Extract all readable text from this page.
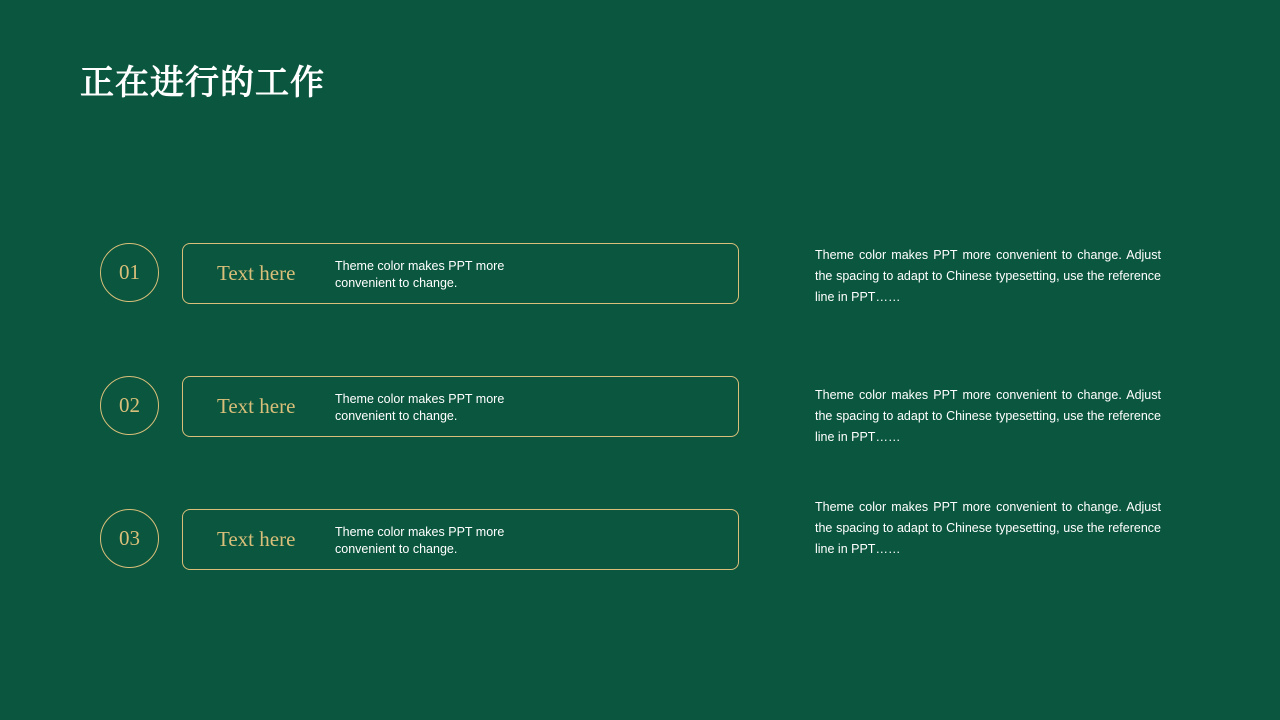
正在进行的工作
01	Text here	Theme color makes PPT more convenient to change.
Theme color makes PPT more convenient to change. Adjust the spacing to adapt to Chinese typesetting, use the reference line in PPT……
02	Text here	Theme color makes PPT more convenient to change.
Theme color makes PPT more convenient to change. Adjust the spacing to adapt to Chinese typesetting, use the reference line in PPT……
03	Text here	Theme color makes PPT more convenient to change.
Theme color makes PPT more convenient to change. Adjust the spacing to adapt to Chinese typesetting, use the reference line in PPT……
